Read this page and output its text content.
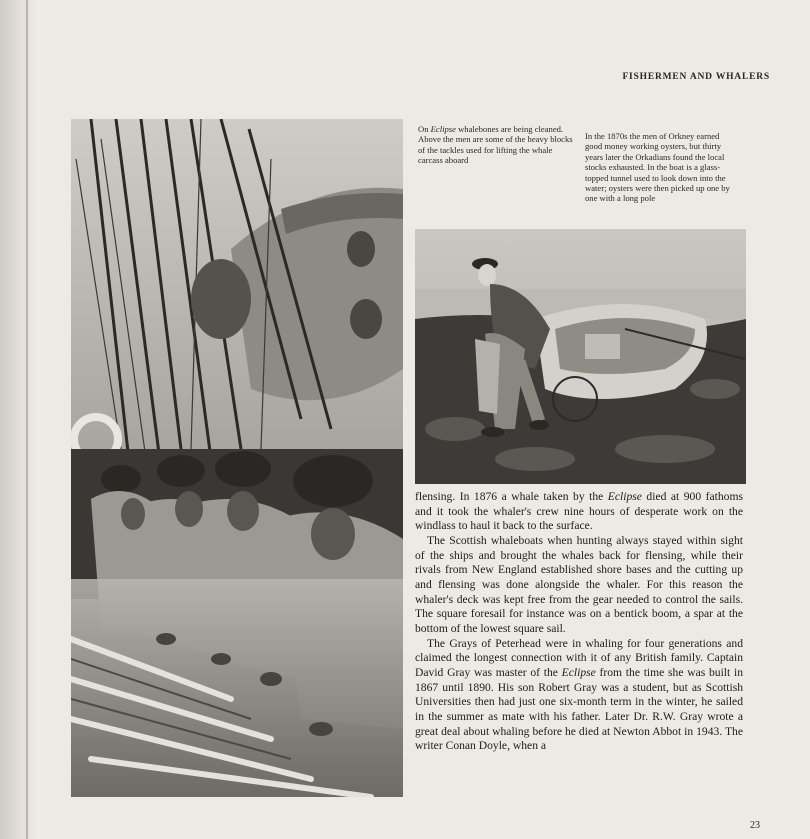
FISHERMEN AND WHALERS
On Eclipse whalebones are being cleaned. Above the men are some of the heavy blocks of the tackles used for lifting the whale carcass aboard
In the 1870s the men of Orkney earned good money working oysters, but thirty years later the Orkadians found the local stocks exhausted. In the boat is a glass-topped tunnel used to look down into the water; oysters were then picked up one by one with a long pole

flensing. In 1876 a whale taken by the Eclipse died at 900 fathoms and it took the whaler's crew nine hours of desperate work on the windlass to haul it back to the surface.

The Scottish whaleboats when hunting always stayed within sight of the ships and brought the whales back for flensing, while their rivals from New England established shore bases and the cutting up and flensing was done alongside the whaler. For this reason the whaler's deck was kept free from the gear needed to control the sails. The square foresail for instance was on a bentick boom, a spar at the bottom of the lowest square sail.

The Grays of Peterhead were in whaling for four generations and claimed the longest connection with it of any British family. Captain David Gray was master of the Eclipse from the time she was built in 1867 until 1890. His son Robert Gray was a student, but as Scottish Universities then had just one six-month term in the winter, he sailed in the summer as mate with his father. Later Dr. R.W. Gray wrote a great deal about whaling before he died at Newton Abbot in 1943. The writer Conan Doyle, when a

23
